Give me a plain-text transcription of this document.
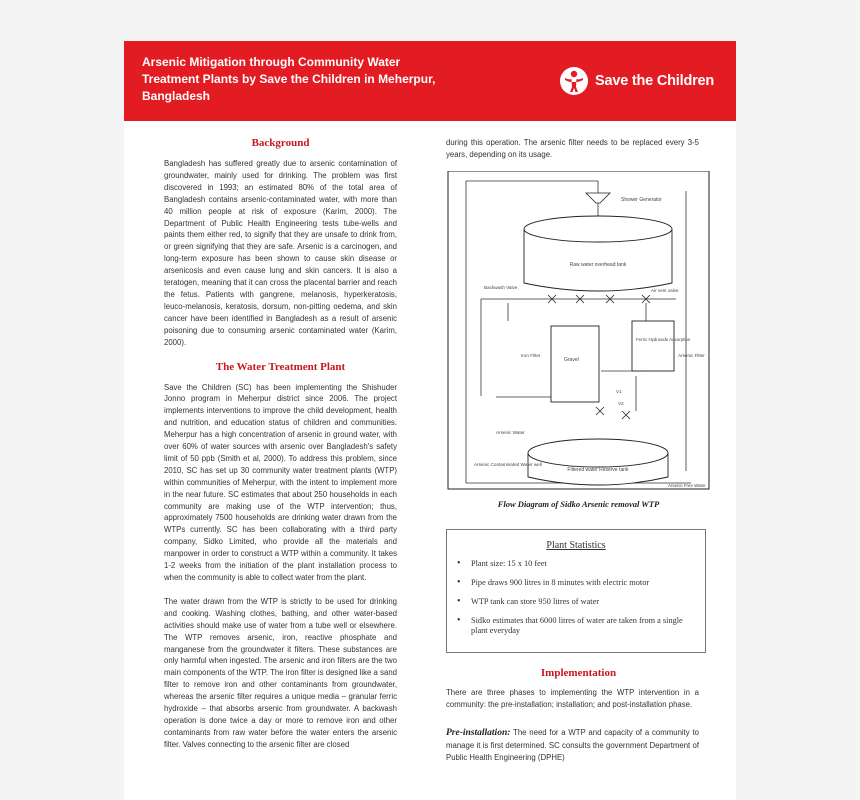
Arsenic Mitigation through Community Water
Treatment Plants by Save the Children in Meherpur,
Bangladesh
Save the Children
Background

Bangladesh has suffered greatly due to arsenic contamination of groundwater, mainly used for drinking. The problem was first discovered in 1993; an estimated 80% of the total area of Bangladesh contains arsenic-contaminated water, with more than 40 million people at risk of exposure (Karim, 2000). The Department of Public Health Engineering tests tube-wells and paints them either red, to signify that they are unsafe to drink from, or green signifying that they are safe. Arsenic is a carcinogen, and long-term exposure has been shown to cause skin disease or arsenicosis and even cause lung and skin cancers. It is also a teratogen, meaning that it can cross the placental barrier and reach the fetus. Patients with gangrene, melanosis, hyperkeratosis, leuco-melanosis, keratosis, dorsum, non-pitting oedema, and skin cancer have been identified in Bangladesh as a result of arsenic poisoning due to consuming arsenic contaminated water (Karim, 2000).

The Water Treatment Plant

Save the Children (SC) has been implementing the Shishuder Jonno program in Meherpur district since 2006. The project implements interventions to improve the child development, health and nutrition, and education status of children and communities. Meherpur has a high concentration of arsenic in ground water, with over 60% of water sources with arsenic over Bangladesh's safety limit of 50 ppb (Smith et al, 2000). To address this problem, since 2010, SC has set up 30 community water treatment plants (WTP) within communities of Meherpur, with the intent to implement more in the near future. SC estimates that about 250 households in each community are making use of the WTP intervention; thus, approximately 7500 households are drinking water drawn from the WTPs currently. SC has been collaborating with a third party company, Sidko Limited, who provide all the materials and manpower in order to construct a WTP within a community. It takes 1-2 weeks from the initiation of the plant installation process to when the community is able to collect water from the plant.

The water drawn from the WTP is strictly to be used for drinking and cooking. Washing clothes, bathing, and other water-based activities should make use of water from a tube well or elsewhere. The WTP removes arsenic, iron, reactive phosphate and manganese from the groundwater it filters. These substances are only harmful when ingested. The arsenic and iron filters are the two main components of the WTP. The iron filter is designed like a sand filter to remove iron and other contaminants from groundwater, whereas the arsenic filter requires a unique media – granular ferric hydroxide – that absorbs arsenic from groundwater. A backwash operation is done twice a day or more to remove iron and other contaminants from raw water before the water enters the arsenic filter. Valves connecting to the arsenic filter are closed

during this operation. The arsenic filter needs to be replaced every 3-5 years, depending on its usage.

Shower Generator
Raw water overhead tank
Backwash Valve
Air vent valve
Gravel
Ferric Hydroxide Adsorption
Iron Filter	Arsenic Filter
V1
V2
Arsenic Water
Filtered water Reserve tank
Arsenic Contaminated Water well
Arsenic Free Water
Flow Diagram of Sidko Arsenic removal WTP
Plant Statistics
• Plant size: 15 x 10 feet
• Pipe draws 900 litres in 8 minutes with electric motor
• WTP tank can store 950 litres of water
• Sidko estimates that 6000 litres of water are taken from a single plant everyday
Implementation

There are three phases to implementing the WTP intervention in a community: the pre-installation; installation; and post-installation phase.

Pre-installation: The need for a WTP and capacity of a community to manage it is first determined. SC consults the government Department of Public Health Engineering (DPHE)
